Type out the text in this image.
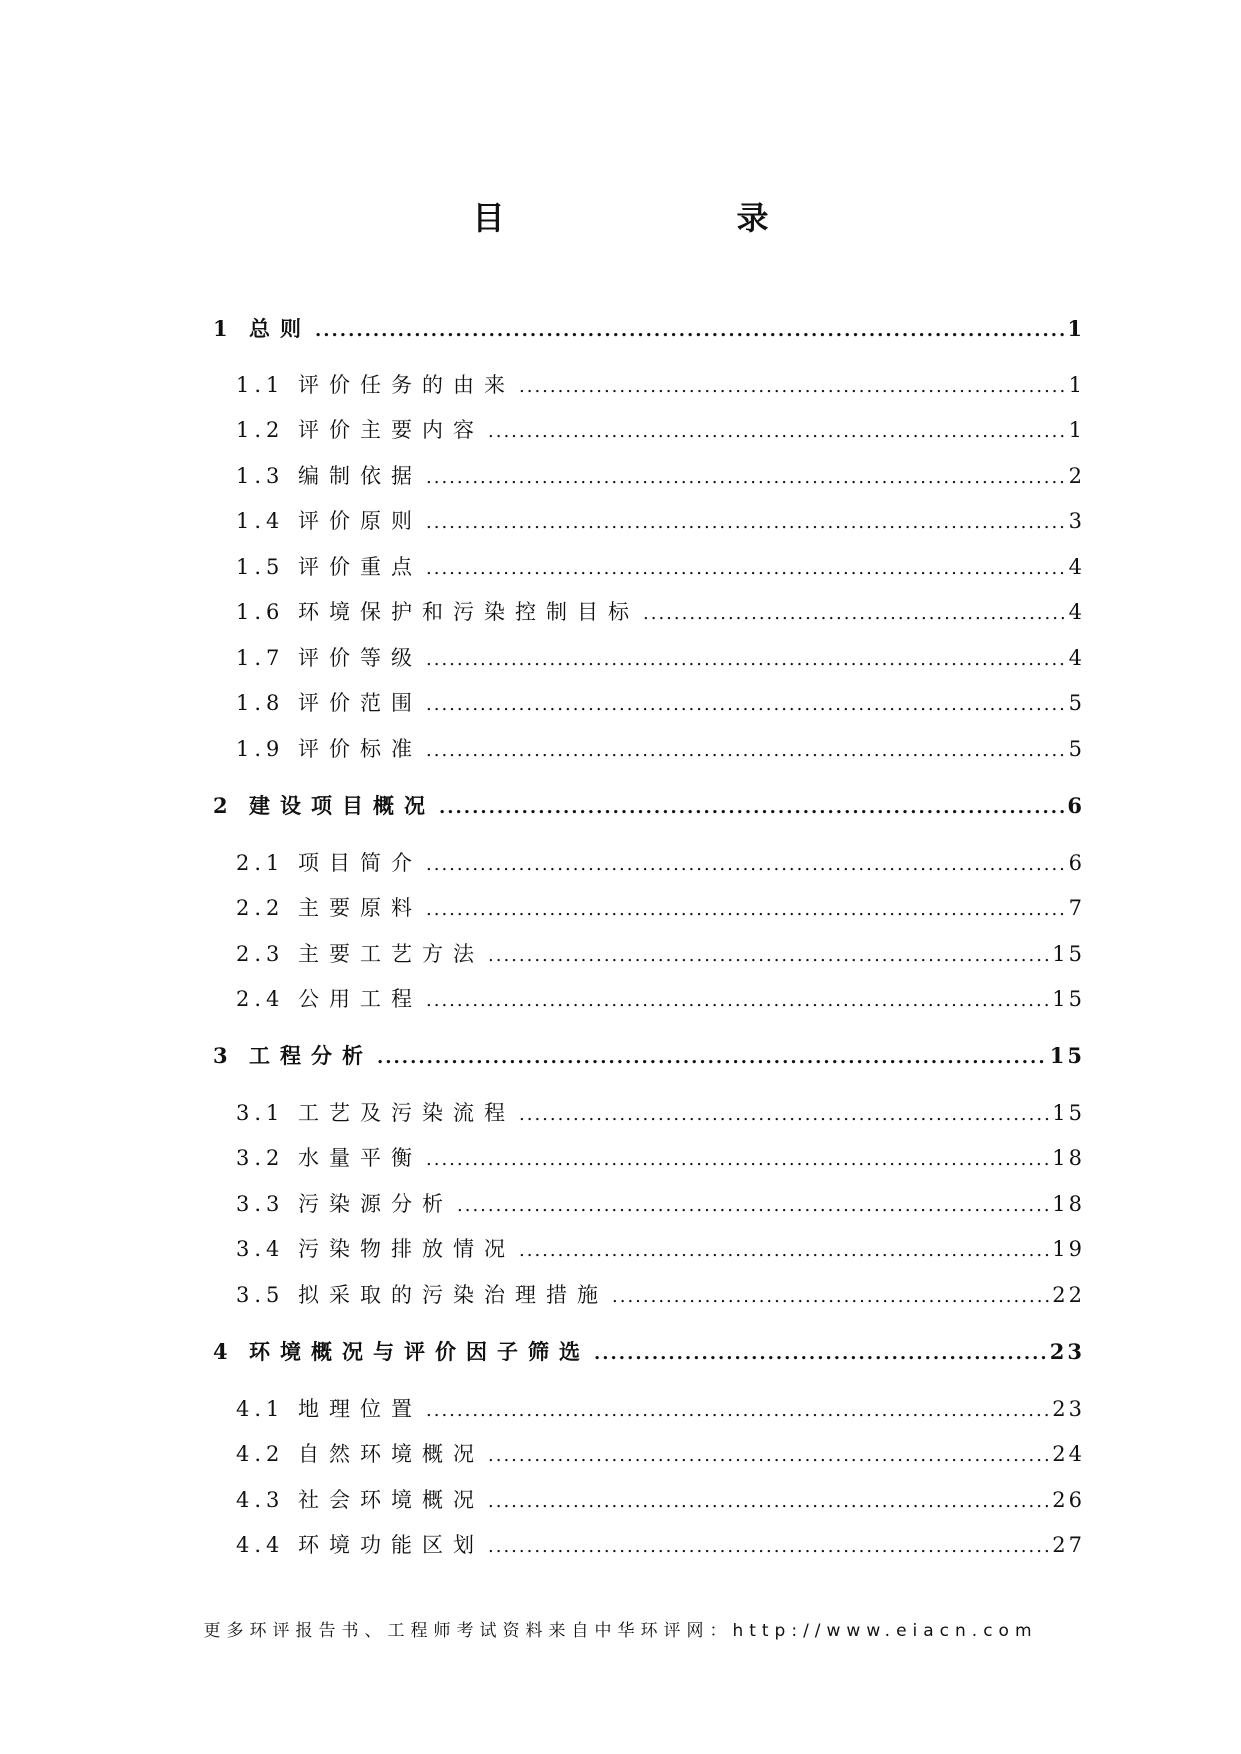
目　录
1 总则 .....	1
1.1 评价任务的由来 .....	1
1.2 评价主要内容 .....	1
1.3 编制依据 .....	2
1.4 评价原则 .....	3
1.5 评价重点 .....	4
1.6 环境保护和污染控制目标 .....	4
1.7 评价等级 .....	4
1.8 评价范围 .....	5
1.9 评价标准 .....	5
2 建设项目概况 .....	6
2.1 项目简介 .....	6
2.2 主要原料 .....	7
2.3 主要工艺方法 .....	15
2.4 公用工程 .....	15
3 工程分析 .....	15
3.1 工艺及污染流程 .....	15
3.2 水量平衡 .....	18
3.3 污染源分析 .....	18
3.4 污染物排放情况 .....	19
3.5 拟采取的污染治理措施 .....	22
4 环境概况与评价因子筛选 .....	23
4.1 地理位置 .....	23
4.2 自然环境概况 .....	24
4.3 社会环境概况 .....	26
4.4 环境功能区划 .....	27
更多环评报告书、工程师考试资料来自中华环评网：http://www.eiacn.com
